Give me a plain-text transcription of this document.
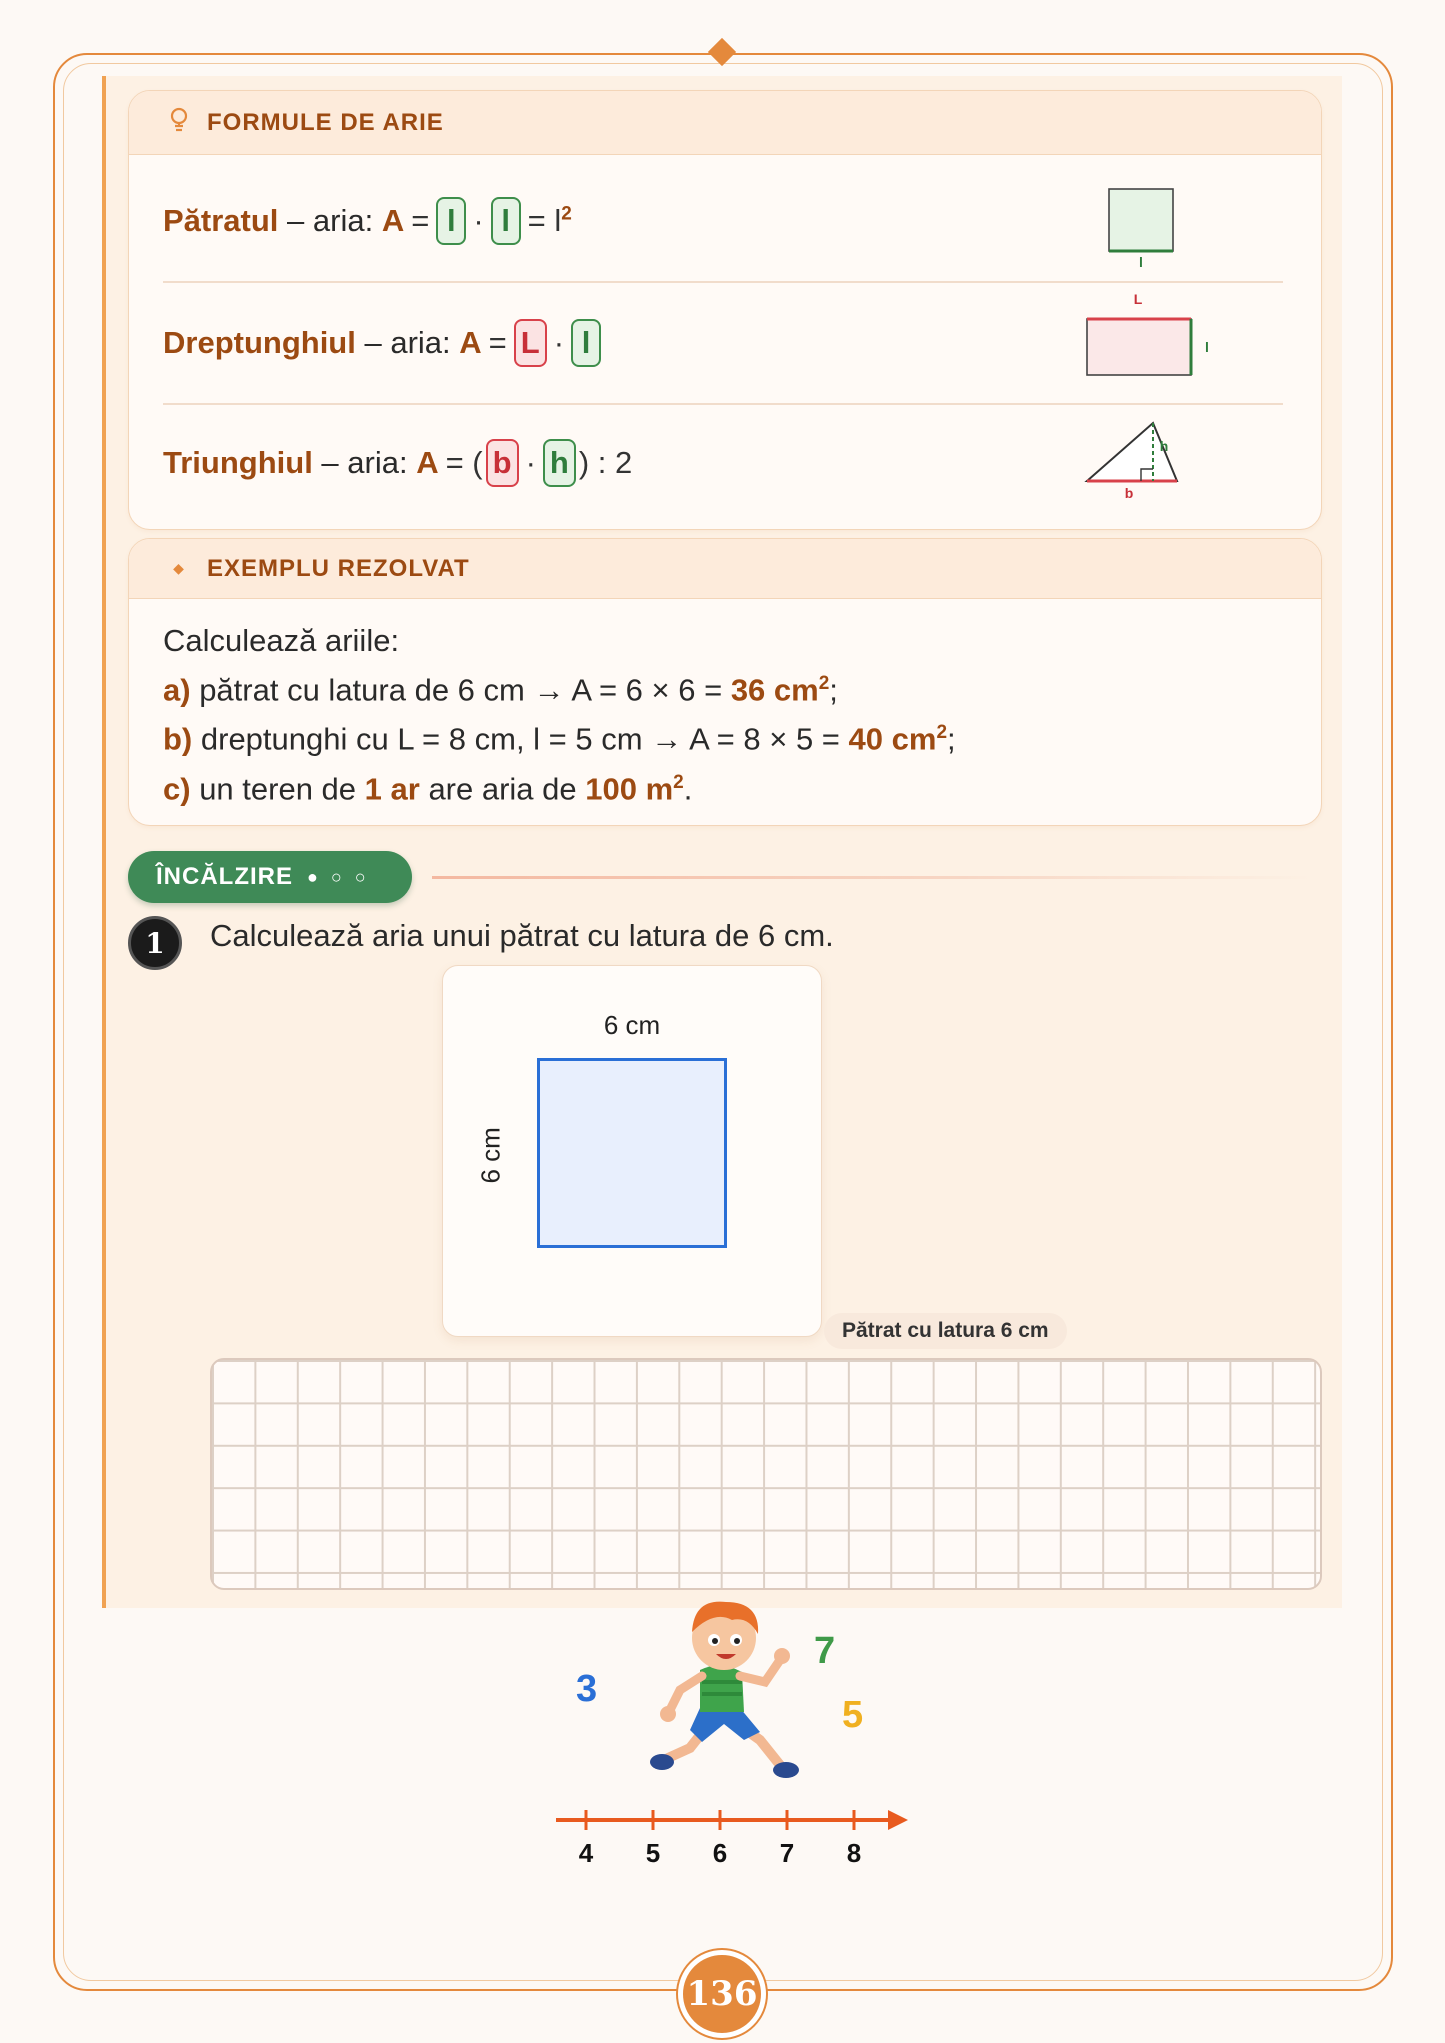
FORMULE DE ARIE
Pătratul – aria: $A = l \cdot l = l^2$
l
Dreptunghiul – aria: A = L · l
L
l
Triunghiul – aria: A = ( b · h ) : 2	h
b
◆ EXEMPLU REZOLVAT
Calculează ariile:
a) pătrat cu latura de 6 cm → A = 6 × 6 = 36 $cm^2$;
b) dreptunghi cu L = 8 cm, l = 5 cm → A = 8 × 5 = 40 $cm^2$;
c) un teren de 1 ar are aria de 100 $m^2$.
ÎNCĂLZIRE ● ○ ○
1	Calculează aria unui pătrat cu latura de 6 cm.
6 cm
6 cm
Pătrat cu latura 6 cm
3
7
5
4 5 6 7 8
136
